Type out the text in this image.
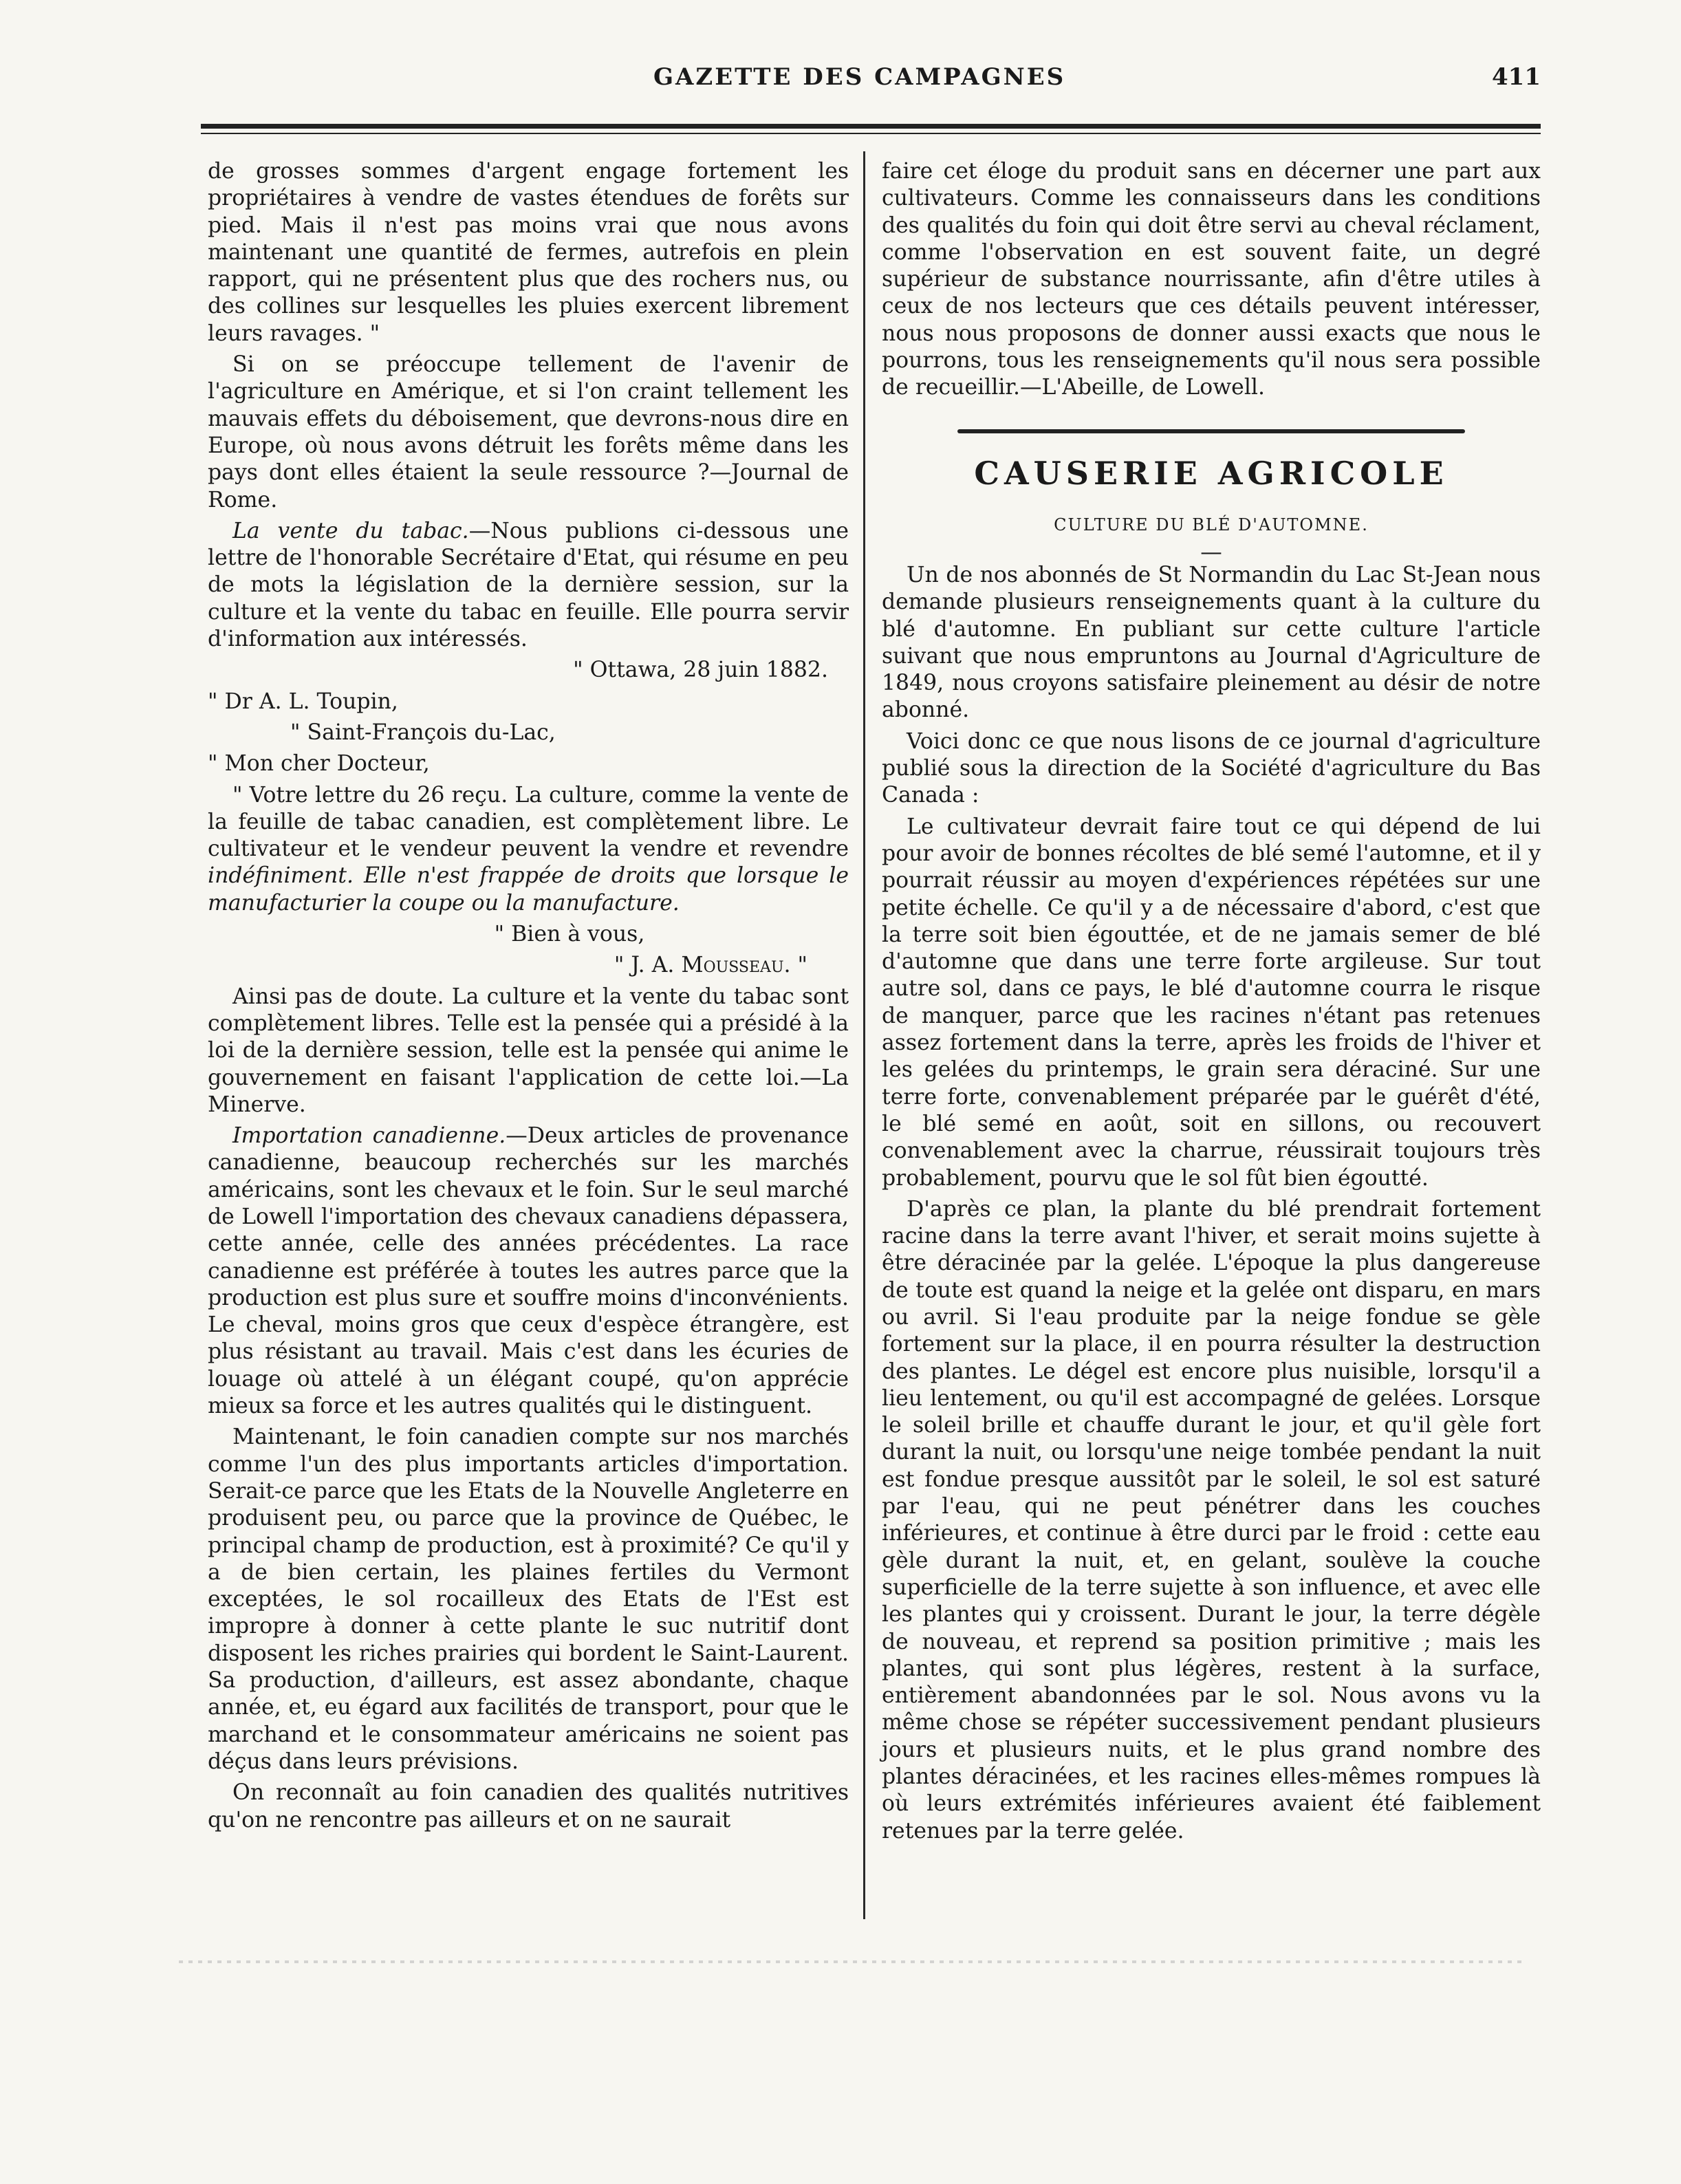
GAZETTE DES CAMPAGNES	411

de grosses sommes d'argent engage fortement les propriétaires à vendre de vastes étendues de forêts sur pied. Mais il n'est pas moins vrai que nous avons maintenant une quantité de fermes, autrefois en plein rapport, qui ne présentent plus que des rochers nus, ou des collines sur lesquelles les pluies exercent librement leurs ravages. "

Si on se préoccupe tellement de l'avenir de l'agriculture en Amérique, et si l'on craint tellement les mauvais effets du déboisement, que devrons-nous dire en Europe, où nous avons détruit les forêts même dans les pays dont elles étaient la seule ressource ?—Journal de Rome.

La vente du tabac.—Nous publions ci-dessous une lettre de l'honorable Secrétaire d'Etat, qui résume en peu de mots la législation de la dernière session, sur la culture et la vente du tabac en feuille. Elle pourra servir d'information aux intéressés.

" Ottawa, 28 juin 1882.

" Dr A. L. Toupin,

" Saint-François du-Lac,

" Mon cher Docteur,

" Votre lettre du 26 reçu. La culture, comme la vente de la feuille de tabac canadien, est complètement libre. Le cultivateur et le vendeur peuvent la vendre et revendre indéfiniment. Elle n'est frappée de droits que lorsque le manufacturier la coupe ou la manufacture.

" Bien à vous,

" J. A. Mousseau. "

Ainsi pas de doute. La culture et la vente du tabac sont complètement libres. Telle est la pensée qui a présidé à la loi de la dernière session, telle est la pensée qui anime le gouvernement en faisant l'application de cette loi.—La Minerve.

Importation canadienne.—Deux articles de provenance canadienne, beaucoup recherchés sur les marchés américains, sont les chevaux et le foin. Sur le seul marché de Lowell l'importation des chevaux canadiens dépassera, cette année, celle des années précédentes. La race canadienne est préférée à toutes les autres parce que la production est plus sure et souffre moins d'inconvénients. Le cheval, moins gros que ceux d'espèce étrangère, est plus résistant au travail. Mais c'est dans les écuries de louage où attelé à un élégant coupé, qu'on apprécie mieux sa force et les autres qualités qui le distinguent.

Maintenant, le foin canadien compte sur nos marchés comme l'un des plus importants articles d'importation. Serait-ce parce que les Etats de la Nouvelle Angleterre en produisent peu, ou parce que la province de Québec, le principal champ de production, est à proximité? Ce qu'il y a de bien certain, les plaines fertiles du Vermont exceptées, le sol rocailleux des Etats de l'Est est impropre à donner à cette plante le suc nutritif dont disposent les riches prairies qui bordent le Saint-Laurent. Sa production, d'ailleurs, est assez abondante, chaque année, et, eu égard aux facilités de transport, pour que le marchand et le consommateur américains ne soient pas déçus dans leurs prévisions.

On reconnaît au foin canadien des qualités nutritives qu'on ne rencontre pas ailleurs et on ne saurait

faire cet éloge du produit sans en décerner une part aux cultivateurs. Comme les connaisseurs dans les conditions des qualités du foin qui doit être servi au cheval réclament, comme l'observation en est souvent faite, un degré supérieur de substance nourrissante, afin d'être utiles à ceux de nos lecteurs que ces détails peuvent intéresser, nous nous proposons de donner aussi exacts que nous le pourrons, tous les renseignements qu'il nous sera possible de recueillir.—L'Abeille, de Lowell.

CAUSERIE AGRICOLE

CULTURE DU BLÉ D'AUTOMNE.

—

Un de nos abonnés de St Normandin du Lac St-Jean nous demande plusieurs renseignements quant à la culture du blé d'automne. En publiant sur cette culture l'article suivant que nous empruntons au Journal d'Agriculture de 1849, nous croyons satisfaire pleinement au désir de notre abonné.

Voici donc ce que nous lisons de ce journal d'agriculture publié sous la direction de la Société d'agriculture du Bas Canada :

Le cultivateur devrait faire tout ce qui dépend de lui pour avoir de bonnes récoltes de blé semé l'automne, et il y pourrait réussir au moyen d'expériences répétées sur une petite échelle. Ce qu'il y a de nécessaire d'abord, c'est que la terre soit bien égouttée, et de ne jamais semer de blé d'automne que dans une terre forte argileuse. Sur tout autre sol, dans ce pays, le blé d'automne courra le risque de manquer, parce que les racines n'étant pas retenues assez fortement dans la terre, après les froids de l'hiver et les gelées du printemps, le grain sera déraciné. Sur une terre forte, convenablement préparée par le guérêt d'été, le blé semé en août, soit en sillons, ou recouvert convenablement avec la charrue, réussirait toujours très probablement, pourvu que le sol fût bien égoutté.

D'après ce plan, la plante du blé prendrait fortement racine dans la terre avant l'hiver, et serait moins sujette à être déracinée par la gelée. L'époque la plus dangereuse de toute est quand la neige et la gelée ont disparu, en mars ou avril. Si l'eau produite par la neige fondue se gèle fortement sur la place, il en pourra résulter la destruction des plantes. Le dégel est encore plus nuisible, lorsqu'il a lieu lentement, ou qu'il est accompagné de gelées. Lorsque le soleil brille et chauffe durant le jour, et qu'il gèle fort durant la nuit, ou lorsqu'une neige tombée pendant la nuit est fondue presque aussitôt par le soleil, le sol est saturé par l'eau, qui ne peut pénétrer dans les couches inférieures, et continue à être durci par le froid : cette eau gèle durant la nuit, et, en gelant, soulève la couche superficielle de la terre sujette à son influence, et avec elle les plantes qui y croissent. Durant le jour, la terre dégèle de nouveau, et reprend sa position primitive ; mais les plantes, qui sont plus légères, restent à la surface, entièrement abandonnées par le sol. Nous avons vu la même chose se répéter successivement pendant plusieurs jours et plusieurs nuits, et le plus grand nombre des plantes déracinées, et les racines elles-mêmes rompues là où leurs extrémités inférieures avaient été faiblement retenues par la terre gelée.
